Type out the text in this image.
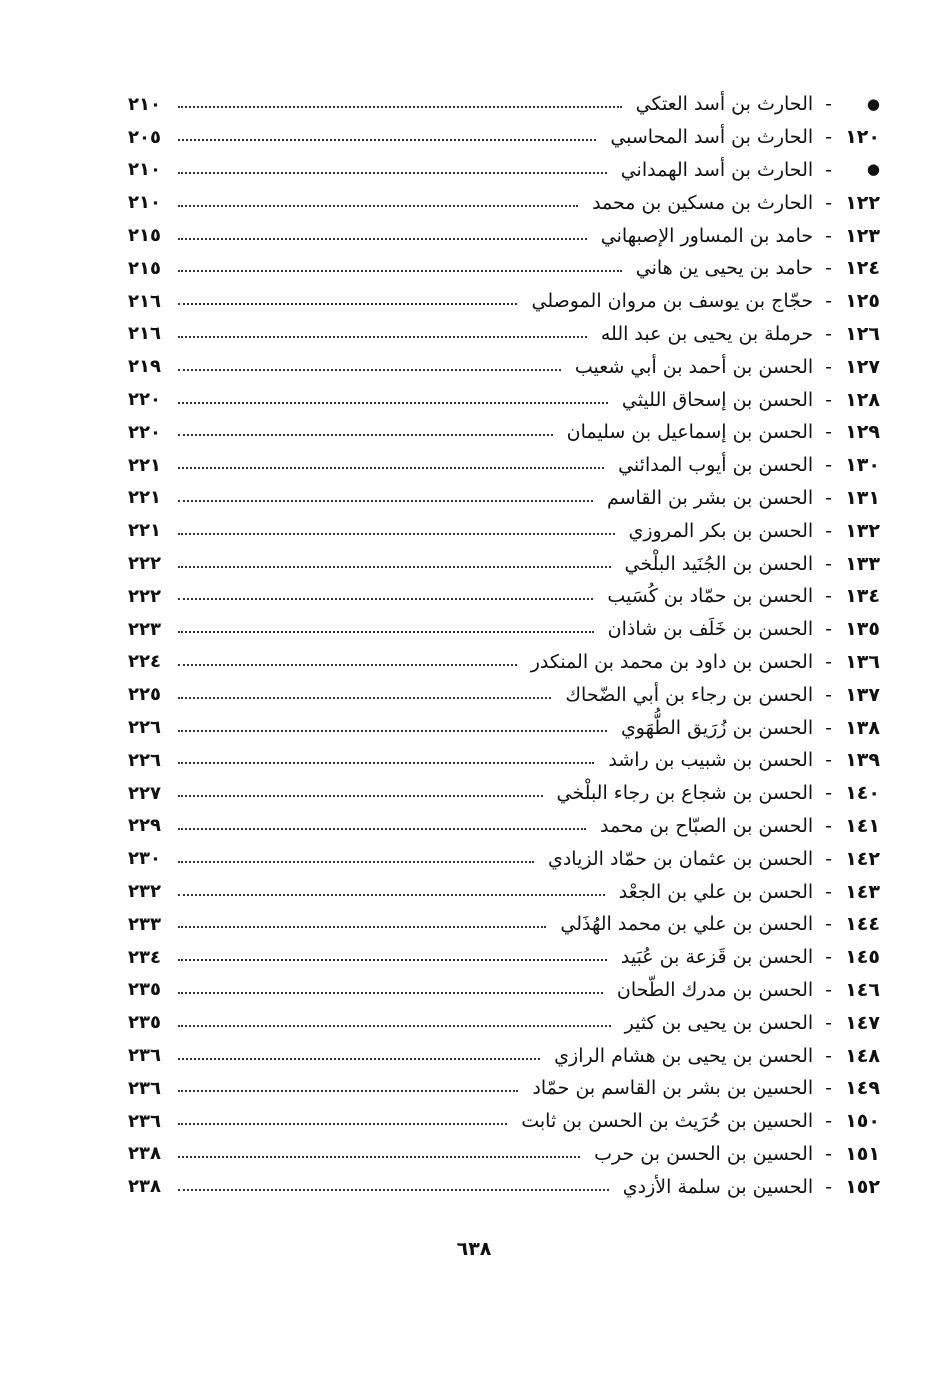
●
-
الحارث بن أسد العتكي
٢١٠
١٢٠
-
الحارث بن أسد المحاسبي
٢٠٥
●
-
الحارث بن أسد الهمداني
٢١٠
١٢٢
-
الحارث بن مسكين بن محمد
٢١٠
١٢٣
-
حامد بن المساور الإصبهاني
٢١٥
١٢٤
-
حامد بن يحيى ين هاني
٢١٥
١٢٥
-
حجّاج بن يوسف بن مروان الموصلي
٢١٦
١٢٦
-
حرملة بن يحيى بن عبد الله
٢١٦
١٢٧
-
الحسن بن أحمد بن أبي شعيب
٢١٩
١٢٨
-
الحسن بن إسحاق الليثي
٢٢٠
١٢٩
-
الحسن بن إسماعيل بن سليمان
٢٢٠
١٣٠
-
الحسن بن أيوب المدائني
٢٢١
١٣١
-
الحسن بن بشر بن القاسم
٢٢١
١٣٢
-
الحسن بن بكر المروزي
٢٢١
١٣٣
-
الحسن بن الجُنَيد البلْخي
٢٢٢
١٣٤
-
الحسن بن حمّاد بن كُسَيب
٢٢٢
١٣٥
-
الحسن بن خَلَف بن شاذان
٢٢٣
١٣٦
-
الحسن بن داود بن محمد بن المنكدر
٢٢٤
١٣٧
-
الحسن بن رجاء بن أبي الضّحاك
٢٢٥
١٣٨
-
الحسن بن زُرَيق الطُّهَوي
٢٢٦
١٣٩
-
الحسن بن شبيب بن راشد
٢٢٦
١٤٠
-
الحسن بن شجاع بن رجاء البلْخي
٢٢٧
١٤١
-
الحسن بن الصبّاح بن محمد
٢٢٩
١٤٢
-
الحسن بن عثمان بن حمّاد الزيادي
٢٣٠
١٤٣
-
الحسن بن علي بن الجعْد
٢٣٢
١٤٤
-
الحسن بن علي بن محمد الهُذَلي
٢٣٣
١٤٥
-
الحسن بن قَزعة بن عُبَيد
٢٣٤
١٤٦
-
الحسن بن مدرك الطّحان
٢٣٥
١٤٧
-
الحسن بن يحيى بن كثير
٢٣٥
١٤٨
-
الحسن بن يحيى بن هشام الرازي
٢٣٦
١٤٩
-
الحسين بن بشر بن القاسم بن حمّاد
٢٣٦
١٥٠
-
الحسين بن حُرَيث بن الحسن بن ثابت
٢٣٦
١٥١
-
الحسين بن الحسن بن حرب
٢٣٨
١٥٢
-
الحسين بن سلمة الأزدي
٢٣٨
٦٣٨
